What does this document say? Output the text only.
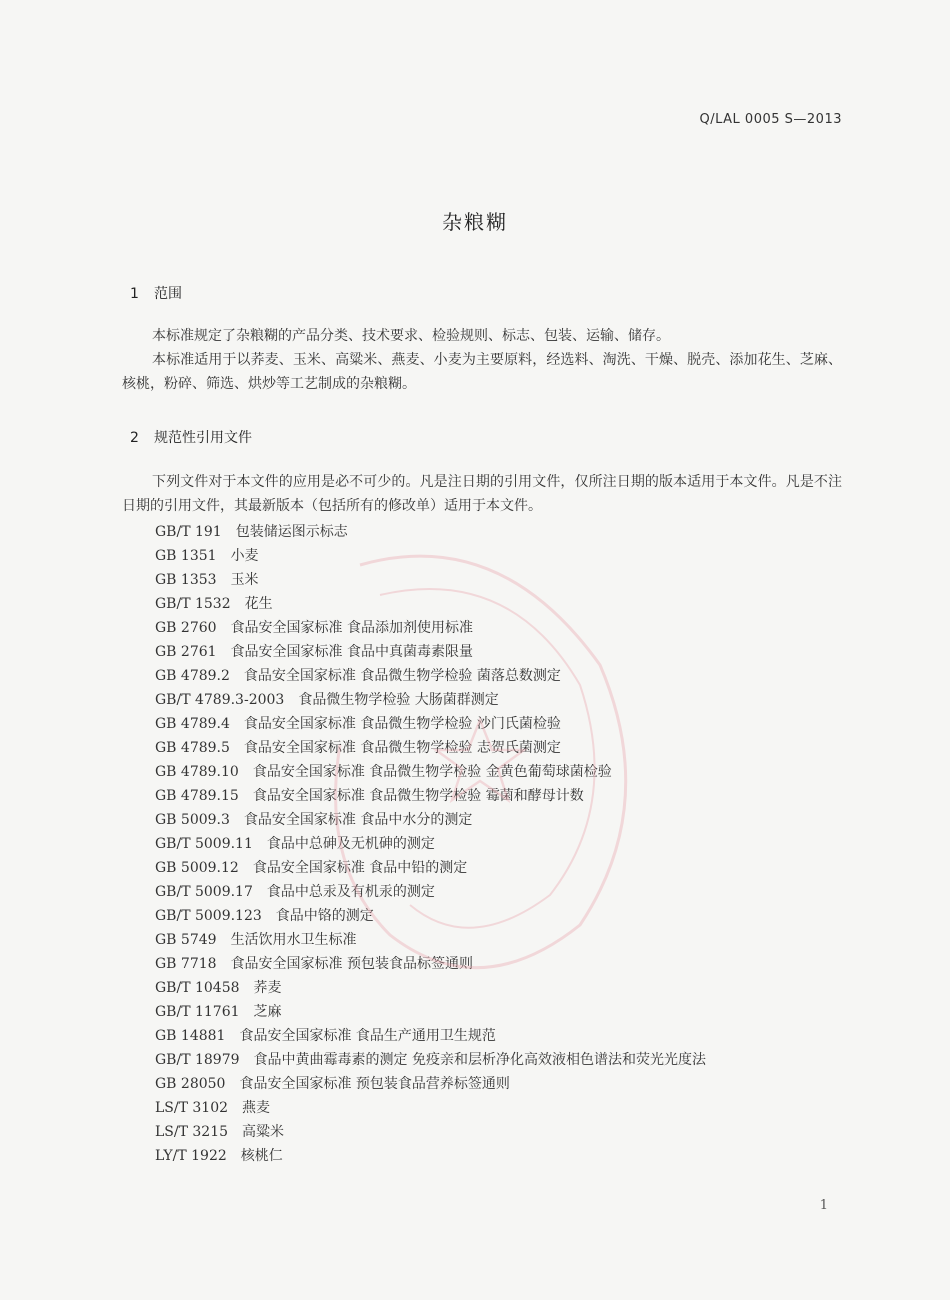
Q/LAL 0005 S—2013
杂粮糊
1 范围
本标准规定了杂粮糊的产品分类、技术要求、检验规则、标志、包装、运输、储存。
本标准适用于以荞麦、玉米、高粱米、燕麦、小麦为主要原料，经选料、淘洗、干燥、脱壳、添加花生、芝麻、核桃，粉碎、筛选、烘炒等工艺制成的杂粮糊。
2 规范性引用文件
下列文件对于本文件的应用是必不可少的。凡是注日期的引用文件，仅所注日期的版本适用于本文件。凡是不注日期的引用文件，其最新版本（包括所有的修改单）适用于本文件。
GB/T 191 包装储运图示标志
GB 1351 小麦
GB 1353 玉米
GB/T 1532 花生
GB 2760 食品安全国家标准 食品添加剂使用标准
GB 2761 食品安全国家标准 食品中真菌毒素限量
GB 4789.2 食品安全国家标准 食品微生物学检验 菌落总数测定
GB/T 4789.3-2003 食品微生物学检验 大肠菌群测定
GB 4789.4 食品安全国家标准 食品微生物学检验 沙门氏菌检验
GB 4789.5 食品安全国家标准 食品微生物学检验 志贺氏菌测定
GB 4789.10 食品安全国家标准 食品微生物学检验 金黄色葡萄球菌检验
GB 4789.15 食品安全国家标准 食品微生物学检验 霉菌和酵母计数
GB 5009.3 食品安全国家标准 食品中水分的测定
GB/T 5009.11 食品中总砷及无机砷的测定
GB 5009.12 食品安全国家标准 食品中铅的测定
GB/T 5009.17 食品中总汞及有机汞的测定
GB/T 5009.123 食品中铬的测定
GB 5749 生活饮用水卫生标准
GB 7718 食品安全国家标准 预包装食品标签通则
GB/T 10458 荞麦
GB/T 11761 芝麻
GB 14881 食品安全国家标准 食品生产通用卫生规范
GB/T 18979 食品中黄曲霉毒素的测定 免疫亲和层析净化高效液相色谱法和荧光光度法
GB 28050 食品安全国家标准 预包装食品营养标签通则
LS/T 3102 燕麦
LS/T 3215 高粱米
LY/T 1922 核桃仁
1
